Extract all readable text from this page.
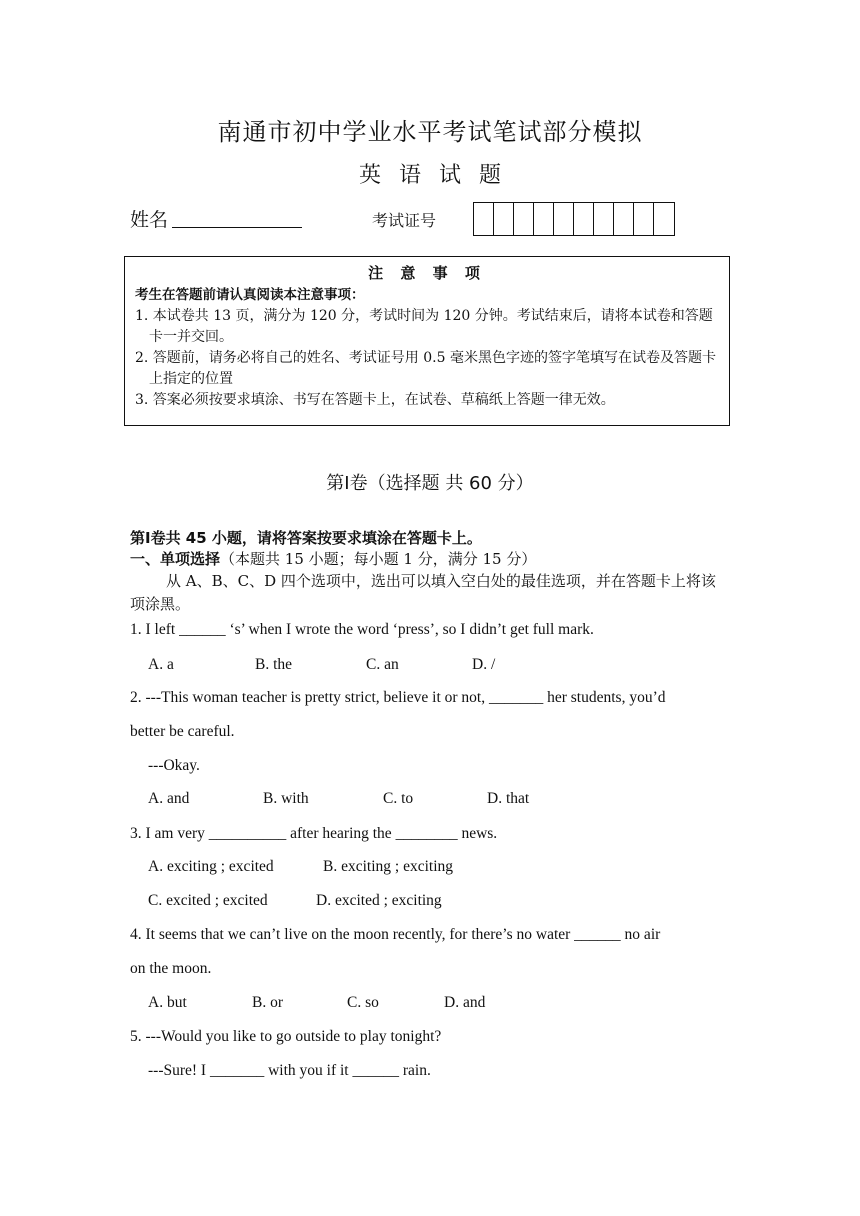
南通市初中学业水平考试笔试部分模拟
英语试题
姓名	考试证号
注 意 事 项
考生在答题前请认真阅读本注意事项：
1. 本试卷共 13 页，满分为 120 分，考试时间为 120 分钟。考试结束后，请将本试卷和答题卡一并交回。
2. 答题前，请务必将自己的姓名、考试证号用 0.5 毫米黑色字迹的签字笔填写在试卷及答题卡上指定的位置
3. 答案必须按要求填涂、书写在答题卡上，在试卷、草稿纸上答题一律无效。
第Ⅰ卷（选择题 共 60 分）
第Ⅰ卷共 45 小题，请将答案按要求填涂在答题卡上。
一、单项选择（本题共 15 小题；每小题 1 分，满分 15 分）
从 A、B、C、D 四个选项中，选出可以填入空白处的最佳选项，并在答题卡上将该项涂黑。
1. I left ______ ‘s’ when I wrote the word ‘press’, so I didn’t get full mark.
A. a	B. the	C. an	D. /
2. ---This woman teacher is pretty strict, believe it or not, _______ her students, you’d
better be careful.
---Okay.
A. and	B. with	C. to	D. that
3. I am very __________ after hearing the ________ news.
A. exciting ; excited	B. exciting ; exciting
C. excited ; excited	D. excited ; exciting
4. It seems that we can’t live on the moon recently, for there’s no water ______ no air
on the moon.
A. but	B. or	C. so	D. and
5. ---Would you like to go outside to play tonight?
---Sure! I _______ with you if it ______ rain.
